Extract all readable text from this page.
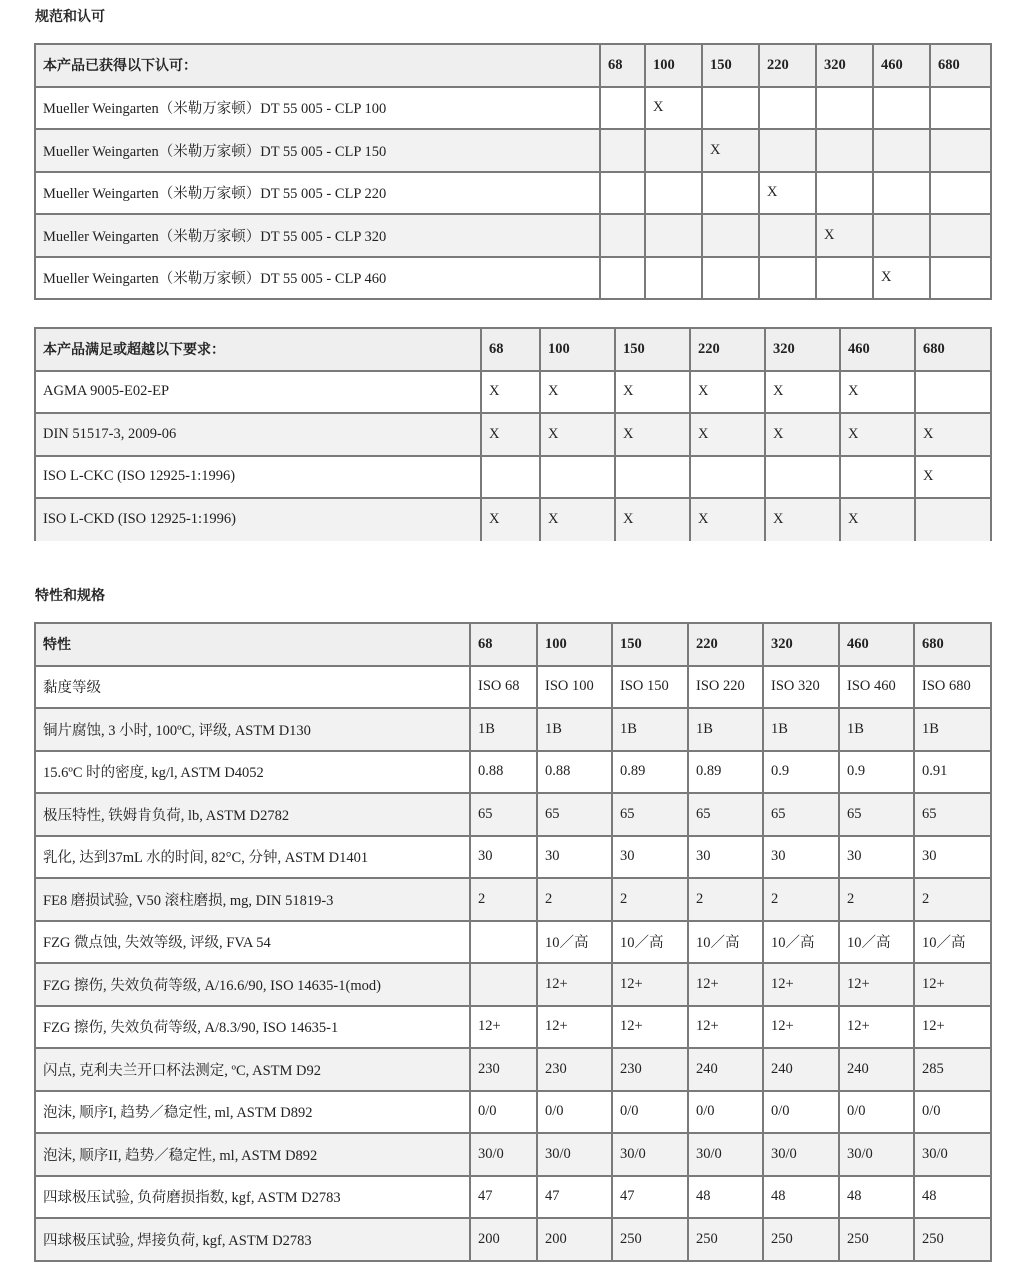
规范和认可
本产品已获得以下认可：	68	100	150	220	320	460	680
Mueller Weingarten（米勒万家顿）DT 55 005 - CLP 100		X					
Mueller Weingarten（米勒万家顿）DT 55 005 - CLP 150			X				
Mueller Weingarten（米勒万家顿）DT 55 005 - CLP 220				X			
Mueller Weingarten（米勒万家顿）DT 55 005 - CLP 320					X		
Mueller Weingarten（米勒万家顿）DT 55 005 - CLP 460						X	
本产品满足或超越以下要求：	68	100	150	220	320	460	680
AGMA 9005-E02-EP	X	X	X	X	X	X	
DIN 51517-3, 2009-06	X	X	X	X	X	X	X
ISO L-CKC (ISO 12925-1:1996)							X
ISO L-CKD (ISO 12925-1:1996)	X	X	X	X	X	X	
特性和规格
特性	68	100	150	220	320	460	680
黏度等级	ISO 68	ISO 100	ISO 150	ISO 220	ISO 320	ISO 460	ISO 680
铜片腐蚀, 3 小时, 100ºC, 评级, ASTM D130	1B	1B	1B	1B	1B	1B	1B
15.6ºC 时的密度, kg/l, ASTM D4052	0.88	0.88	0.89	0.89	0.9	0.9	0.91
极压特性, 铁姆肯负荷, lb, ASTM D2782	65	65	65	65	65	65	65
乳化, 达到37mL 水的时间, 82°C, 分钟, ASTM D1401	30	30	30	30	30	30	30
FE8 磨损试验, V50 滚柱磨损, mg, DIN 51819-3	2	2	2	2	2	2	2
FZG 微点蚀, 失效等级, 评级, FVA 54		10／高	10／高	10／高	10／高	10／高	10／高
FZG 擦伤, 失效负荷等级, A/16.6/90, ISO 14635-1(mod)		12+	12+	12+	12+	12+	12+
FZG 擦伤, 失效负荷等级, A/8.3/90, ISO 14635-1	12+	12+	12+	12+	12+	12+	12+
闪点, 克利夫兰开口杯法测定, ºC, ASTM D92	230	230	230	240	240	240	285
泡沫, 顺序I, 趋势／稳定性, ml, ASTM D892	0/0	0/0	0/0	0/0	0/0	0/0	0/0
泡沫, 顺序II, 趋势／稳定性, ml, ASTM D892	30/0	30/0	30/0	30/0	30/0	30/0	30/0
四球极压试验, 负荷磨损指数, kgf, ASTM D2783	47	47	47	48	48	48	48
四球极压试验, 焊接负荷, kgf, ASTM D2783	200	200	250	250	250	250	250
